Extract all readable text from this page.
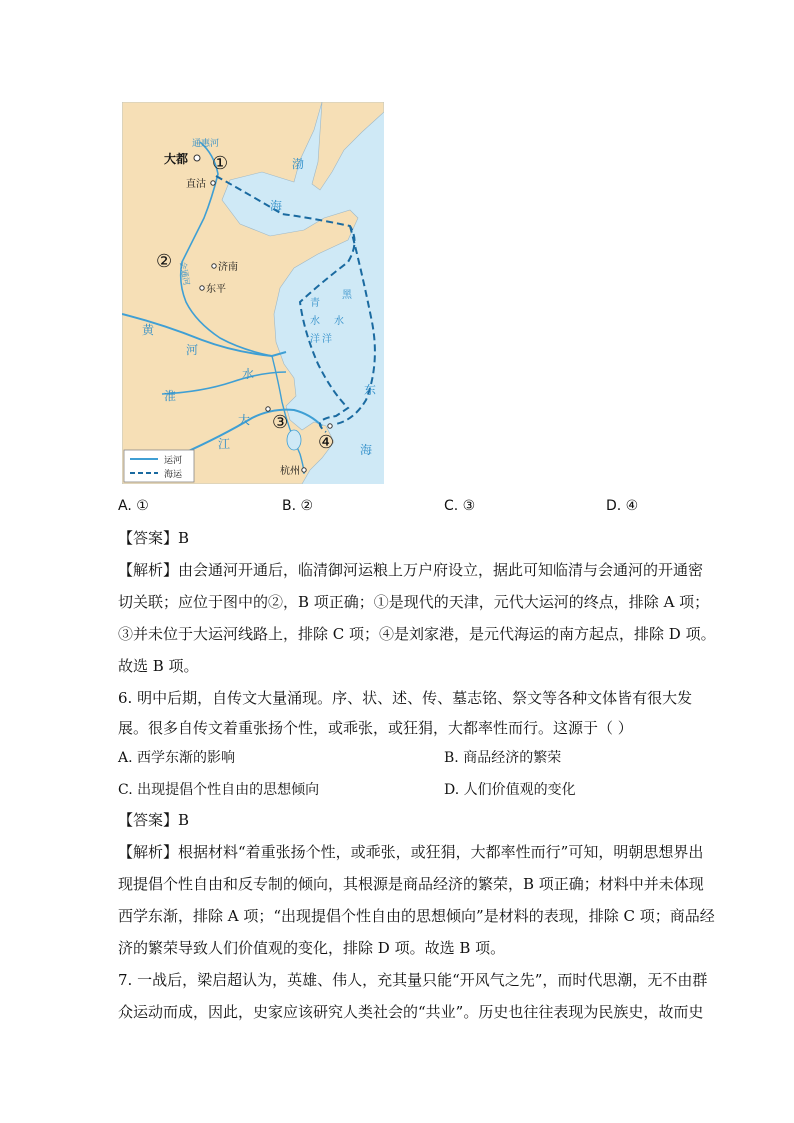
通惠河
大都
直沽
渤
海
济南
东平
会通河
青
水
洋
黑
水
洋
黄
河
淮
水
大
江
东
海
杭州
①
②
③
④
运河
海运
A. ①	B. ②	C. ③	D. ④
【答案】B
【解析】由会通河开通后，临清御河运粮上万户府设立，据此可知临清与会通河的开通密
切关联；应位于图中的②，B 项正确；①是现代的天津，元代大运河的终点，排除 A 项；
③并未位于大运河线路上，排除 C 项；④是刘家港，是元代海运的南方起点，排除 D 项。
故选 B 项。
6. 明中后期，自传文大量涌现。序、状、述、传、墓志铭、祭文等各种文体皆有很大发
展。很多自传文着重张扬个性，或乖张，或狂狷，大都率性而行。这源于（ ）
A. 西学东渐的影响	B. 商品经济的繁荣
C. 出现提倡个性自由的思想倾向	D. 人们价值观的变化
【答案】B
【解析】根据材料“着重张扬个性，或乖张，或狂狷，大都率性而行”可知，明朝思想界出
现提倡个性自由和反专制的倾向，其根源是商品经济的繁荣，B 项正确；材料中并未体现
西学东渐，排除 A 项；“出现提倡个性自由的思想倾向”是材料的表现，排除 C 项；商品经
济的繁荣导致人们价值观的变化，排除 D 项。故选 B 项。
7. 一战后，梁启超认为，英雄、伟人，充其量只能“开风气之先”，而时代思潮，无不由群
众运动而成，因此，史家应该研究人类社会的“共业”。历史也往往表现为民族史，故而史
